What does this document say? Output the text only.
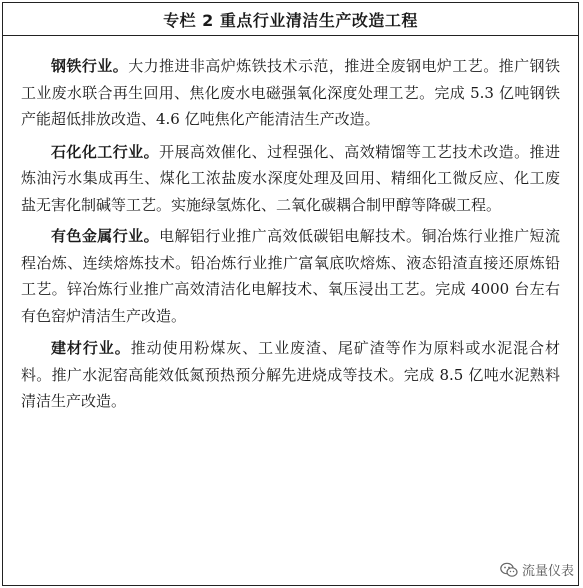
专栏 2 重点行业清洁生产改造工程

钢铁行业。大力推进非高炉炼铁技术示范，推进全废钢电炉工艺。推广钢铁工业废水联合再生回用、焦化废水电磁强氧化深度处理工艺。完成 5.3 亿吨钢铁产能超低排放改造、4.6 亿吨焦化产能清洁生产改造。

石化化工行业。开展高效催化、过程强化、高效精馏等工艺技术改造。推进炼油污水集成再生、煤化工浓盐废水深度处理及回用、精细化工微反应、化工废盐无害化制碱等工艺。实施绿氢炼化、二氧化碳耦合制甲醇等降碳工程。

有色金属行业。电解铝行业推广高效低碳铝电解技术。铜冶炼行业推广短流程冶炼、连续熔炼技术。铅冶炼行业推广富氧底吹熔炼、液态铅渣直接还原炼铅工艺。锌冶炼行业推广高效清洁化电解技术、氧压浸出工艺。完成 4000 台左右有色窑炉清洁生产改造。

建材行业。推动使用粉煤灰、工业废渣、尾矿渣等作为原料或水泥混合材料。推广水泥窑高能效低氮预热预分解先进烧成等技术。完成 8.5 亿吨水泥熟料清洁生产改造。

流量仪表
